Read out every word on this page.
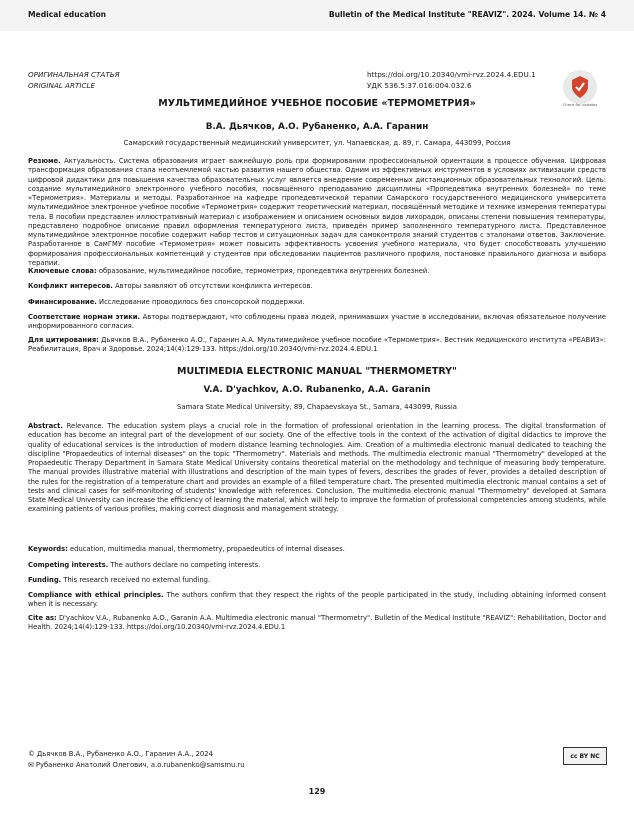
Medical education	Bulletin of the Medical Institute "REAVIZ". 2024. Volume 14. № 4
ОРИГИНАЛЬНАЯ СТАТЬЯ
ORIGINAL ARTICLE
https://doi.org/10.20340/vmi-rvz.2024.4.EDU.1
УДК 536.5:37.016:004.032.6
Check for updates
МУЛЬТИМЕДИЙНОЕ УЧЕБНОЕ ПОСОБИЕ «ТЕРМОМЕТРИЯ»
В.А. Дьячков, А.О. Рубаненко, А.А. Гаранин
Самарский государственный медицинский университет, ул. Чапаевская, д. 89, г. Самара, 443099, Россия
Резюме. Актуальность. Система образования играет важнейшую роль при формировании профессиональной ориентации в процессе обучения. Цифровая трансформация образования стала неотъемлемой частью развития нашего общества. Одним из эффективных инструментов в условиях активизации средств цифровой дидактики для повышения качества образовательных услуг является внедрение современных дистанционных образовательных технологий. Цель: создание мультимедийного электронного учебного пособия, посвящённого преподаванию дисциплины «Пропедевтика внутренних болезней» по теме «Термометрия». Материалы и методы. Разработанное на кафедре пропедевтической терапии Самарского государственного медицинского университета мультимедийное электронное учебное пособие «Термометрия» содержит теоретический материал, посвящённый методике и технике измерения температуры тела. В пособии представлен иллюстративный материал с изображением и описанием основных видов лихорадок, описаны степени повышения температуры, представлено подробное описание правил оформления температурного листа, приведён пример заполненного температурного листа. Представленное мультимедийное электронное пособие содержит набор тестов и ситуационных задач для самоконтроля знаний студентов с эталонами ответов. Заключение. Разработанное в СамГМУ пособие «Термометрия» может повысить эффективность усвоения учебного материала, что будет способствовать улучшению формирования профессиональных компетенций у студентов при обследовании пациентов различного профиля, постановке правильного диагноза и выбора терапии.
Ключевые слова: образование, мультимедийное пособие, термометрия, пропедевтика внутренних болезней.
Конфликт интересов. Авторы заявляют об отсутствии конфликта интересов.
Финансирование. Исследование проводилось без спонсорской поддержки.
Соответствие нормам этики. Авторы подтверждают, что соблюдены права людей, принимавших участие в исследовании, включая обязательное получение информированного согласия.
Для цитирования: Дьячков В.А., Рубаненко А.О., Гаранин А.А. Мультимедийное учебное пособие «Термометрия». Вестник медицинского института «РЕАВИЗ»: Реабилитация, Врач и Здоровье. 2024;14(4):129-133. https://doi.org/10.20340/vmi-rvz.2024.4.EDU.1
MULTIMEDIA ELECTRONIC MANUAL "THERMOMETRY"
V.A. D'yachkov, A.O. Rubanenko, A.A. Garanin
Samara State Medical University, 89, Chapaevskaya St., Samara, 443099, Russia
Abstract. Relevance. The education system plays a crucial role in the formation of professional orientation in the learning process. The digital transformation of education has become an integral part of the development of our society. One of the effective tools in the context of the activation of digital didactics to improve the quality of educational services is the introduction of modern distance learning technologies. Aim. Creation of a multimedia electronic manual dedicated to teaching the discipline "Propaedeutics of internal diseases" on the topic "Thermometry". Materials and methods. The multimedia electronic manual "Thermometry" developed at the Propaedeutic Therapy Department in Samara State Medical University contains theoretical material on the methodology and technique of measuring body temperature. The manual provides illustrative material with illustrations and description of the main types of fevers, describes the grades of fever, provides a detailed description of the rules for the registration of a temperature chart and provides an example of a filled temperature chart. The presented multimedia electronic manual contains a set of tests and clinical cases for self-monitoring of students' knowledge with references. Conclusion. The multimedia electronic manual "Thermometry" developed at Samara State Medical University can increase the efficiency of learning the material, which will help to improve the formation of professional competencies among students, while examining patients of various profiles, making correct diagnosis and management strategy.
Keywords: education, multimedia manual, thermometry, propaedeutics of internal diseases.
Competing interests. The authors declare no competing interests.
Funding. This research received no external funding.
Compliance with ethical principles. The authors confirm that they respect the rights of the people participated in the study, including obtaining informed consent when it is necessary.
Cite as: D'yachkov V.A., Rubanenko A.O., Garanin A.A. Multimedia electronic manual "Thermometry". Bulletin of the Medical Institute "REAVIZ": Rehabilitation, Doctor and Health. 2024;14(4):129-133. https://doi.org/10.20340/vmi-rvz.2024.4.EDU.1
© Дьячков В.А., Рубаненко А.О., Гаранин А.А., 2024
✉ Рубаненко Анатолий Олегович, a.o.rubanenko@samsmu.ru
cc BY NC
129
